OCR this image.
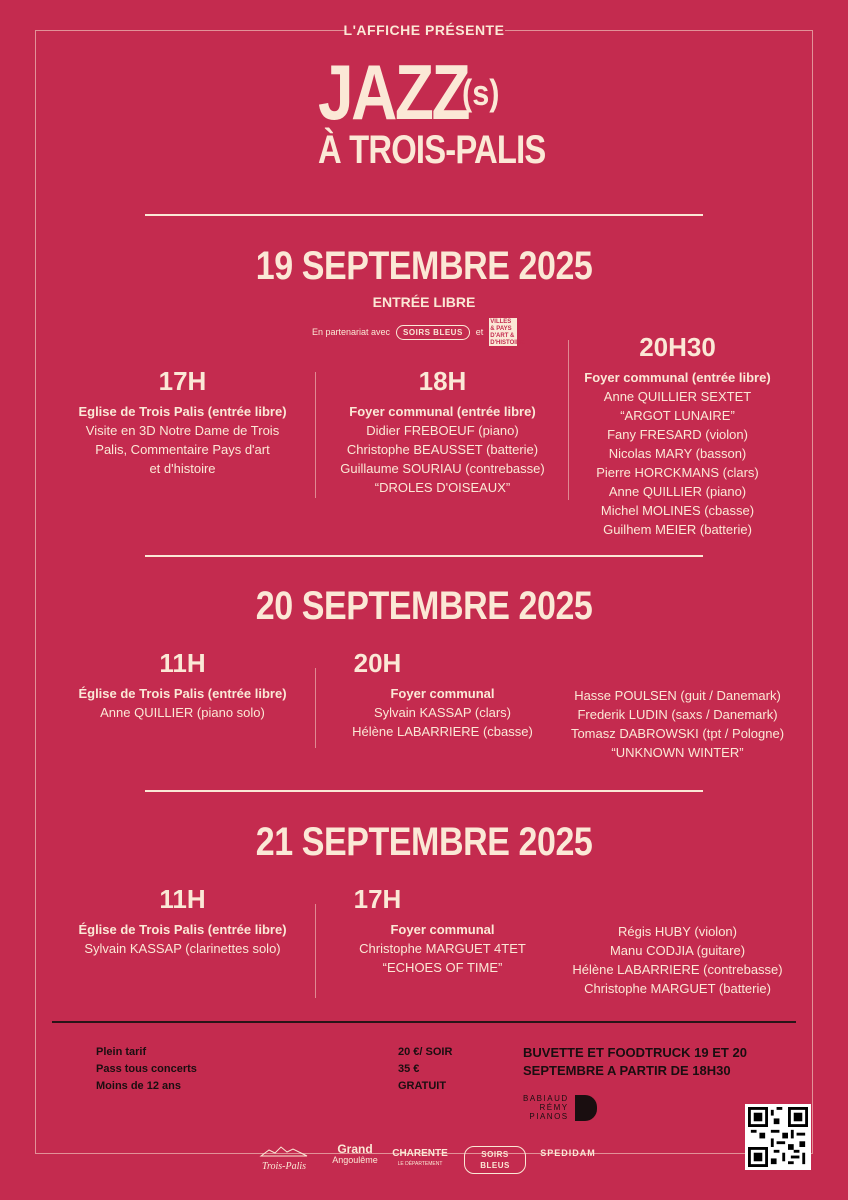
L'AFFICHE PRÉSENTE
JAZZ
(s)
À TROIS-PALIS
19 SEPTEMBRE 2025
ENTRÉE LIBRE
En partenariat avec	SOIRS BLEUS	et
VILLES & PAYS D'ART & D'HISTOIRE
17H
Eglise de Trois Palis (entrée libre)
Visite en 3D Notre Dame de Trois
Palis, Commentaire Pays d'art
et d'histoire
18H
Foyer communal (entrée libre)
Didier FREBOEUF (piano)
Christophe BEAUSSET (batterie)
Guillaume SOURIAU (contrebasse)
“DROLES D'OISEAUX”
20H30
Foyer communal (entrée libre)
Anne QUILLIER SEXTET
“ARGOT LUNAIRE”
Fany FRESARD (violon)
Nicolas MARY (basson)
Pierre HORCKMANS (clars)
Anne QUILLIER (piano)
Michel MOLINES (cbasse)
Guilhem MEIER (batterie)
20 SEPTEMBRE 2025
11H
Église de Trois Palis (entrée libre)
Anne QUILLIER (piano solo)
20H
Foyer communal
Sylvain KASSAP (clars)
Hélène LABARRIERE (cbasse)
Hasse POULSEN (guit / Danemark)
Frederik LUDIN (saxs / Danemark)
Tomasz DABROWSKI (tpt / Pologne)
“UNKNOWN WINTER”
21 SEPTEMBRE 2025
11H
Église de Trois Palis (entrée libre)
Sylvain KASSAP (clarinettes solo)
17H
Foyer communal
Christophe MARGUET 4TET
“ECHOES OF TIME”
Régis HUBY (violon)
Manu CODJIA (guitare)
Hélène LABARRIERE (contrebasse)
Christophe MARGUET (batterie)
Plein tarif
Pass tous concerts
Moins de 12 ans
20 €/ SOIR
35 €
GRATUIT
BUVETTE ET FOODTRUCK 19 ET 20
SEPTEMBRE A PARTIR DE 18H30
BABIAUD
RÉMY
PIANOS
Trois-Palis
Grand
Angoulême
CHARENTE
LE DÉPARTEMENT
SOIRS BLEUS
SPEDIDAM
